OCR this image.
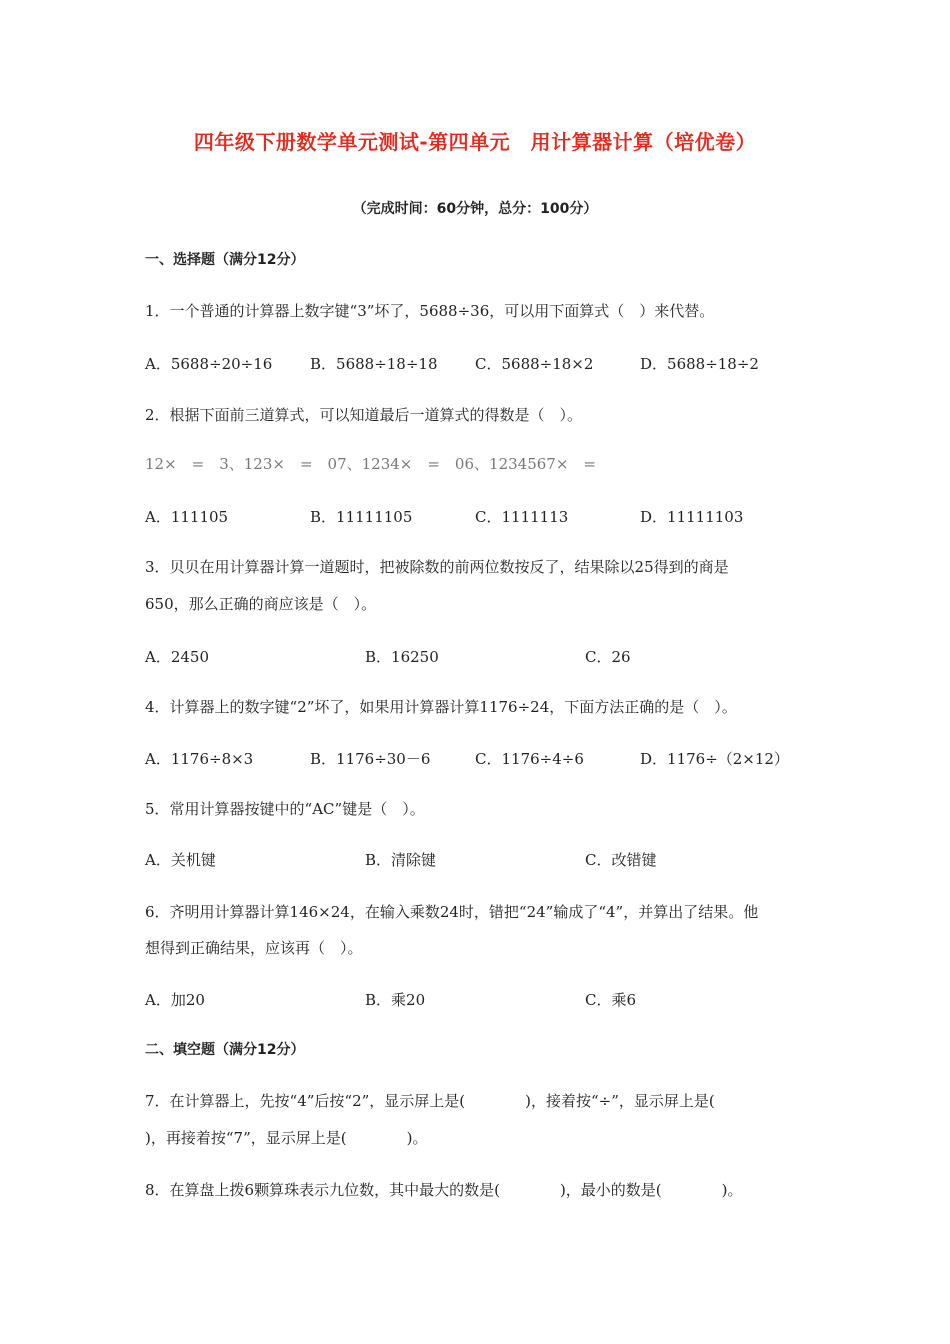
四年级下册数学单元测试-第四单元　用计算器计算（培优卷）
（完成时间：60分钟，总分：100分）
一、选择题（满分12分）
1．一个普通的计算器上数字键“3”坏了，5688÷36，可以用下面算式（　）来代替。
A．5688÷20÷16	B．5688÷18÷18 C．5688÷18×2	D．5688÷18÷2
2．根据下面前三道算式，可以知道最后一道算式的得数是（　）。
12×　=　3、123×　=　07、1234×　=　06、1234567×　=
A．111105	B．11111105	C．1111113	D．11111103
3．贝贝在用计算器计算一道题时，把被除数的前两位数按反了，结果除以25得到的商是
650，那么正确的商应该是（　）。
A．2450	B．16250	C．26
4．计算器上的数字键“2”坏了，如果用计算器计算1176÷24，下面方法正确的是（　）。
A．1176÷8×3	B．1176÷30－6	C．1176÷4÷6	D．1176÷（2×12）
5．常用计算器按键中的“AC”键是（　）。
A．关机键	B．清除键	C．改错键
6．齐明用计算器计算146×24，在输入乘数24时，错把“24”输成了“4”，并算出了结果。他
想得到正确结果，应该再（　）。
A．加20	B．乘20	C．乘6
二、填空题（满分12分）
7．在计算器上，先按“4”后按“2”，显示屏上是(　　　　)，接着按“÷”，显示屏上是(
)，再接着按“7”，显示屏上是(　　　　)。
8．在算盘上拨6颗算珠表示九位数，其中最大的数是(　　　　)，最小的数是(　　　　)。
